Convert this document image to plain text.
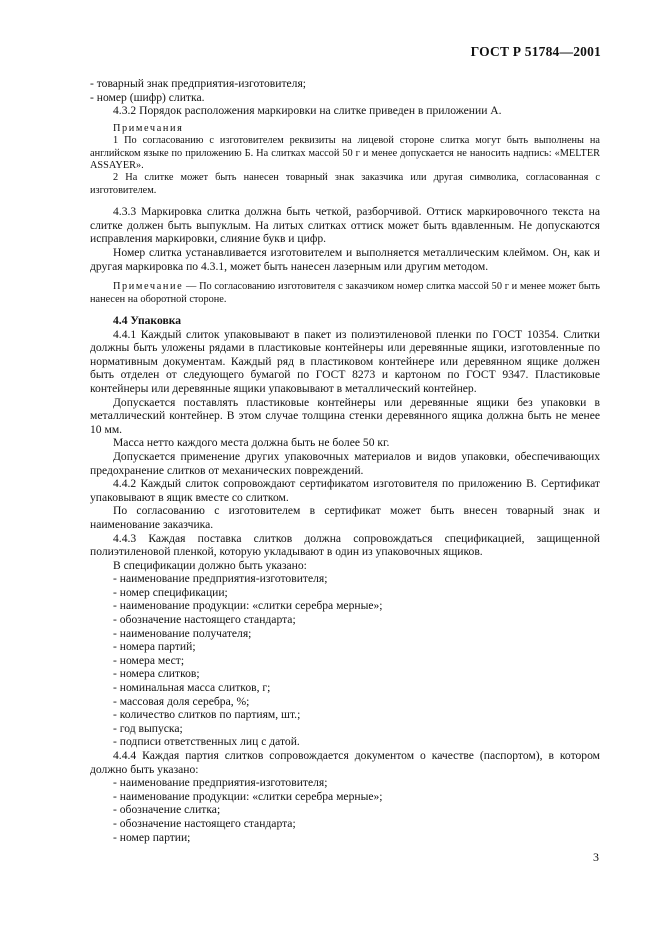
ГОСТ Р 51784—2001

- товарный знак предприятия-изготовителя;

- номер (шифр) слитка.

4.3.2 Порядок расположения маркировки на слитке приведен в приложении А.

Примечания

1 По согласованию с изготовителем реквизиты на лицевой стороне слитка могут быть выполнены на английском языке по приложению Б. На слитках массой 50 г и менее допускается не наносить надпись: «MELTER ASSAYER».

2 На слитке может быть нанесен товарный знак заказчика или другая символика, согласованная с изготовителем.

4.3.3 Маркировка слитка должна быть четкой, разборчивой. Оттиск маркировочного текста на слитке должен быть выпуклым. На литых слитках оттиск может быть вдавленным. Не допускаются исправления маркировки, слияние букв и цифр.

Номер слитка устанавливается изготовителем и выполняется металлическим клеймом. Он, как и другая маркировка по 4.3.1, может быть нанесен лазерным или другим методом.

Примечание — По согласованию изготовителя с заказчиком номер слитка массой 50 г и менее может быть нанесен на оборотной стороне.

4.4 Упаковка

4.4.1 Каждый слиток упаковывают в пакет из полиэтиленовой пленки по ГОСТ 10354. Слитки должны быть уложены рядами в пластиковые контейнеры или деревянные ящики, изготовленные по нормативным документам. Каждый ряд в пластиковом контейнере или деревянном ящике должен быть отделен от следующего бумагой по ГОСТ 8273 и картоном по ГОСТ 9347. Пластиковые контейнеры или деревянные ящики упаковывают в металлический контейнер.

Допускается поставлять пластиковые контейнеры или деревянные ящики без упаковки в металлический контейнер. В этом случае толщина стенки деревянного ящика должна быть не менее 10 мм.

Масса нетто каждого места должна быть не более 50 кг.

Допускается применение других упаковочных материалов и видов упаковки, обеспечивающих предохранение слитков от механических повреждений.

4.4.2 Каждый слиток сопровождают сертификатом изготовителя по приложению В. Сертификат упаковывают в ящик вместе со слитком.

По согласованию с изготовителем в сертификат может быть внесен товарный знак и наименование заказчика.

4.4.3 Каждая поставка слитков должна сопровождаться спецификацией, защищенной полиэтиленовой пленкой, которую укладывают в один из упаковочных ящиков.

В спецификации должно быть указано:

- наименование предприятия-изготовителя;

- номер спецификации;

- наименование продукции: «слитки серебра мерные»;

- обозначение настоящего стандарта;

- наименование получателя;

- номера партий;

- номера мест;

- номера слитков;

- номинальная масса слитков, г;

- массовая доля серебра, %;

- количество слитков по партиям, шт.;

- год выпуска;

- подписи ответственных лиц с датой.

4.4.4 Каждая партия слитков сопровождается документом о качестве (паспортом), в котором должно быть указано:

- наименование предприятия-изготовителя;

- наименование продукции: «слитки серебра мерные»;

- обозначение слитка;

- обозначение настоящего стандарта;

- номер партии;

3
